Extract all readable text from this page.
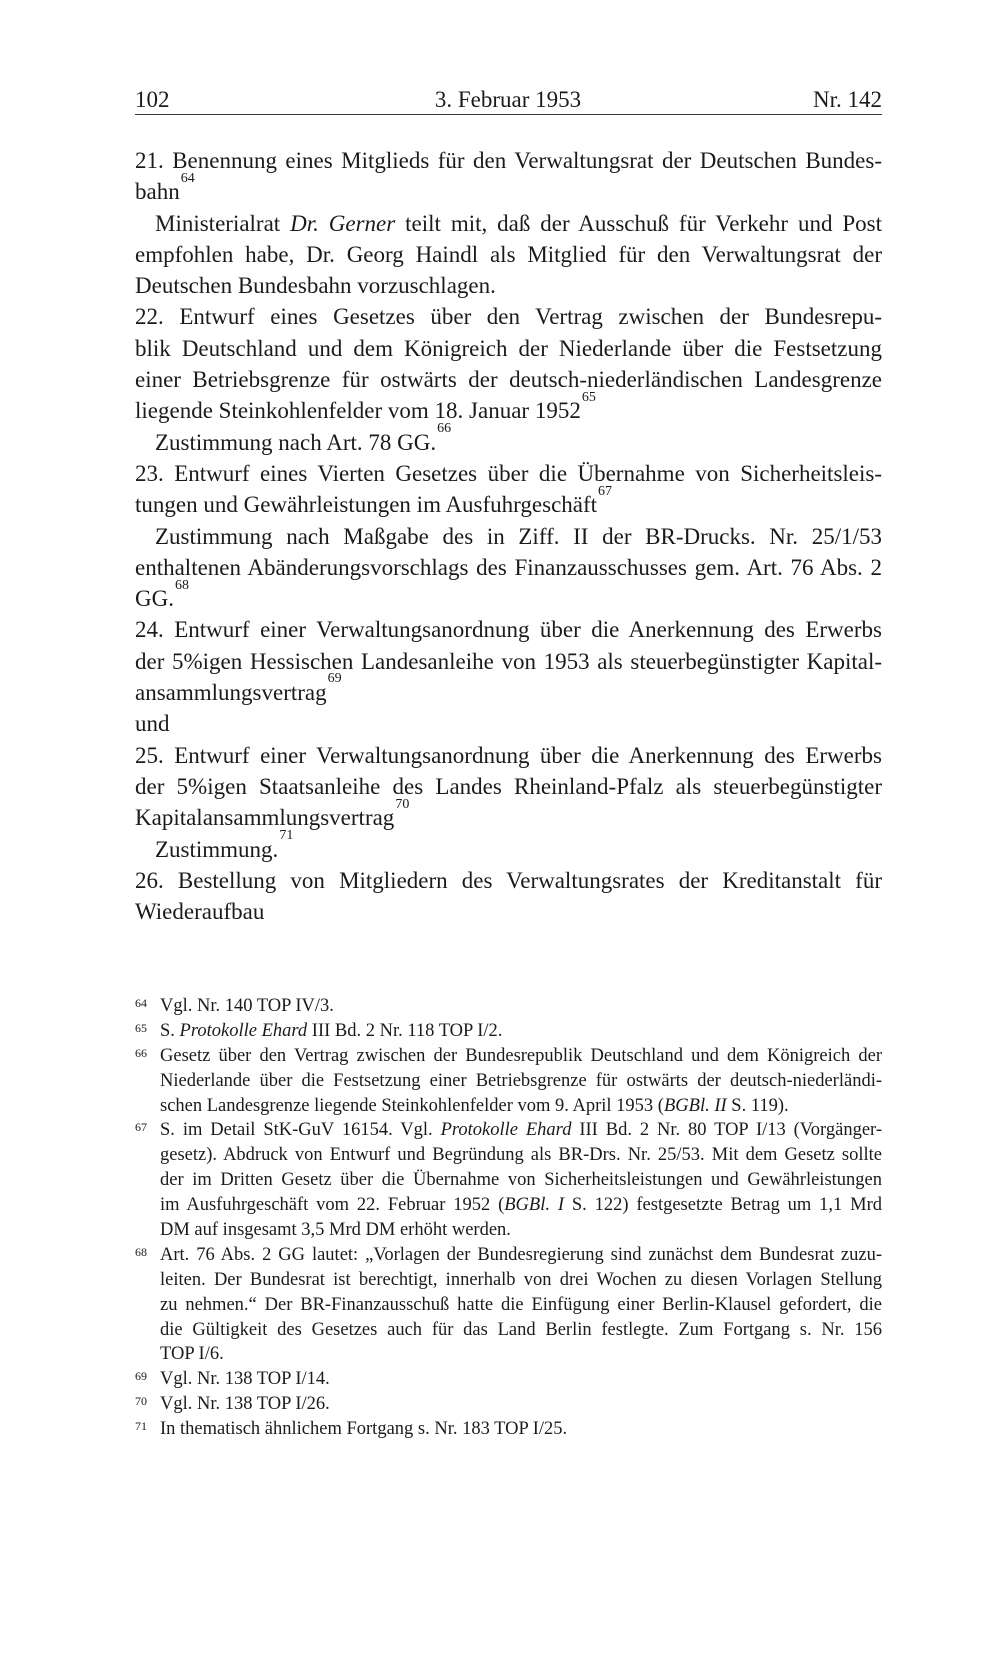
102	3. Februar 1953	Nr. 142
21. Benennung eines Mitglieds für den Verwaltungsrat der Deutschen Bundes-
bahn$^{64}$
Ministerialrat Dr. Gerner teilt mit, daß der Ausschuß für Verkehr und Post
empfohlen habe, Dr. Georg Haindl als Mitglied für den Verwaltungsrat der
Deutschen Bundesbahn vorzuschlagen.
22. Entwurf eines Gesetzes über den Vertrag zwischen der Bundesrepu-
blik Deutschland und dem Königreich der Niederlande über die Festsetzung
einer Betriebsgrenze für ostwärts der deutsch-niederländischen Landesgrenze
liegende Steinkohlenfelder vom 18. Januar 1952$^{65}$
Zustimmung nach Art. 78 GG.$^{66}$
23. Entwurf eines Vierten Gesetzes über die Übernahme von Sicherheitsleis-
tungen und Gewährleistungen im Ausfuhrgeschäft$^{67}$
Zustimmung nach Maßgabe des in Ziff. II der BR-Drucks. Nr. 25/1/53
enthaltenen Abänderungsvorschlags des Finanzausschusses gem. Art. 76 Abs. 2
GG.$^{68}$
24. Entwurf einer Verwaltungsanordnung über die Anerkennung des Erwerbs
der 5%igen Hessischen Landesanleihe von 1953 als steuerbegünstigter Kapital-
ansammlungsvertrag$^{69}$
und
25. Entwurf einer Verwaltungsanordnung über die Anerkennung des Erwerbs
der 5%igen Staatsanleihe des Landes Rheinland-Pfalz als steuerbegünstigter
Kapitalansammlungsvertrag$^{70}$
Zustimmung.$^{71}$
26. Bestellung von Mitgliedern des Verwaltungsrates der Kreditanstalt für
Wiederaufbau
64 Vgl. Nr. 140 TOP IV/3.
65 S. Protokolle Ehard III Bd. 2 Nr. 118 TOP I/2.
66 Gesetz über den Vertrag zwischen der Bundesrepublik Deutschland und dem Königreich der
Niederlande über die Festsetzung einer Betriebsgrenze für ostwärts der deutsch-niederländi-
schen Landesgrenze liegende Steinkohlenfelder vom 9. April 1953 (BGBl. II S. 119).
67 S. im Detail StK-GuV 16154. Vgl. Protokolle Ehard III Bd. 2 Nr. 80 TOP I/13 (Vorgänger-
gesetz). Abdruck von Entwurf und Begründung als BR-Drs. Nr. 25/53. Mit dem Gesetz sollte
der im Dritten Gesetz über die Übernahme von Sicherheitsleistungen und Gewährleistungen
im Ausfuhrgeschäft vom 22. Februar 1952 (BGBl. I S. 122) festgesetzte Betrag um 1,1 Mrd
DM auf insgesamt 3,5 Mrd DM erhöht werden.
68 Art. 76 Abs. 2 GG lautet: „Vorlagen der Bundesregierung sind zunächst dem Bundesrat zuzu-
leiten. Der Bundesrat ist berechtigt, innerhalb von drei Wochen zu diesen Vorlagen Stellung
zu nehmen.“ Der BR-Finanzausschuß hatte die Einfügung einer Berlin-Klausel gefordert, die
die Gültigkeit des Gesetzes auch für das Land Berlin festlegte. Zum Fortgang s. Nr. 156
TOP I/6.
69 Vgl. Nr. 138 TOP I/14.
70 Vgl. Nr. 138 TOP I/26.
71 In thematisch ähnlichem Fortgang s. Nr. 183 TOP I/25.
